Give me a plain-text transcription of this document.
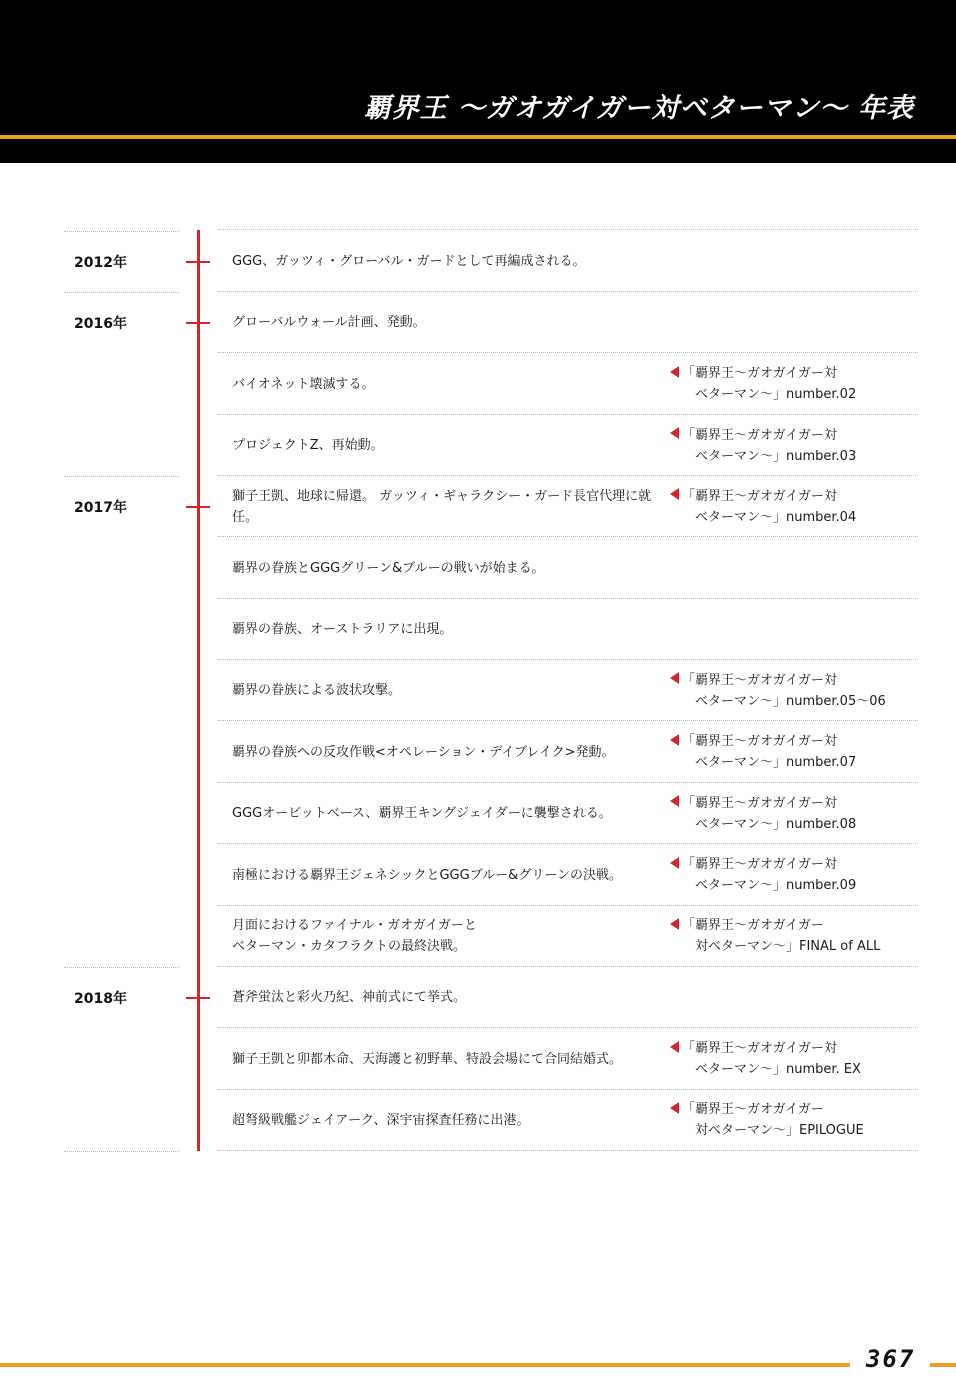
覇界王 〜ガオガイガー対ベターマン〜 年表
GGG、ガッツィ・グローバル・ガードとして再編成される。
グローバルウォール計画、発動。
バイオネット壊滅する。
「覇界王〜ガオガイガー対
ベターマン〜」number.02
プロジェクトZ、再始動。
「覇界王〜ガオガイガー対
ベターマン〜」number.03
獅子王凱、地球に帰還。 ガッツィ・ギャラクシー・ガード長官代理に就任。
「覇界王〜ガオガイガー対
ベターマン〜」number.04
覇界の眷族とGGGグリーン&ブルーの戦いが始まる。
覇界の眷族、オーストラリアに出現。
覇界の眷族による波状攻撃。
「覇界王〜ガオガイガー対
ベターマン〜」number.05〜06
覇界の眷族への反攻作戦<オペレーション・デイブレイク>発動。
「覇界王〜ガオガイガー対
ベターマン〜」number.07
GGGオービットベース、覇界王キングジェイダーに襲撃される。
「覇界王〜ガオガイガー対
ベターマン〜」number.08
南極における覇界王ジェネシックとGGGブルー&グリーンの決戦。
「覇界王〜ガオガイガー対
ベターマン〜」number.09
月面におけるファイナル・ガオガイガーと
ベターマン・カタフラクトの最終決戦。
「覇界王〜ガオガイガー
対ベターマン〜」FINAL of ALL
蒼斧蛍汰と彩火乃紀、神前式にて挙式。
獅子王凱と卯都木命、天海護と初野華、特設会場にて合同結婚式。
「覇界王〜ガオガイガー対
ベターマン〜」number. EX
超弩級戦艦ジェイアーク、深宇宙探査任務に出港。
「覇界王〜ガオガイガー
対ベターマン〜」EPILOGUE
2012年
2016年
2017年
2018年
367
